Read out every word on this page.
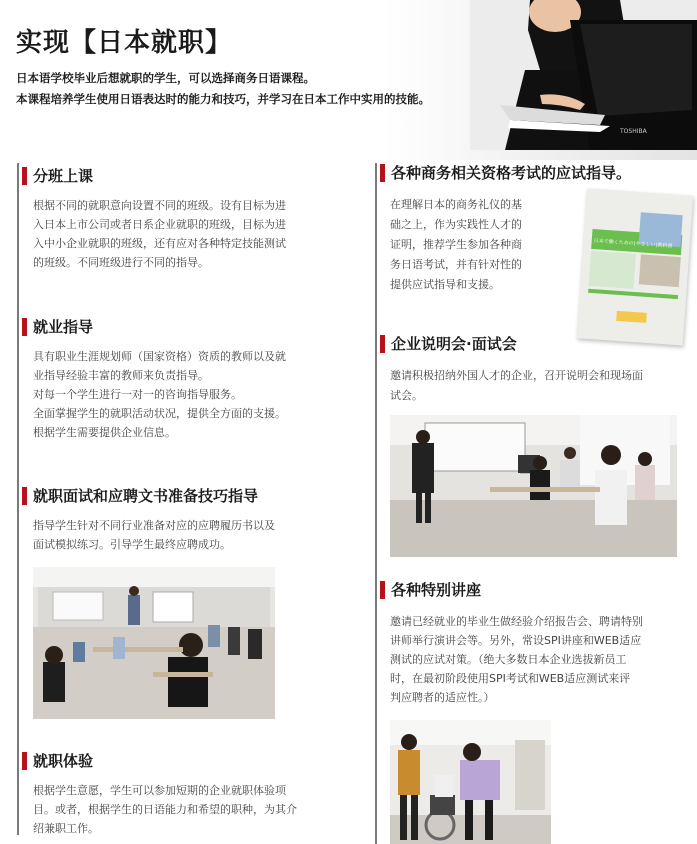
TOSHIBA
实现【日本就职】
日本语学校毕业后想就职的学生，可以选择商务日语课程。
本课程培养学生使用日语表达时的能力和技巧，并学习在日本工作中实用的技能。
分班上课
根据不同的就职意向设置不同的班级。设有目标为进
入日本上市公司或者日系企业就职的班级，目标为进
入中小企业就职的班级，还有应对各种特定技能测试
的班级。不同班级进行不同的指导。
就业指导
具有职业生涯规划师（国家资格）资质的教师以及就
业指导经验丰富的教师来负责指导。
对每一个学生进行一对一的咨询指导服务。
全面掌握学生的就职活动状况，提供全方面的支援。
根据学生需要提供企业信息。
就职面试和应聘文书准备技巧指导
指导学生针对不同行业准备对应的应聘履历书以及
面试模拟练习。引导学生最终应聘成功。
就职体验
根据学生意愿，学生可以参加短期的企业就职体验项
目。或者，根据学生的日语能力和希望的职种，为其介
绍兼职工作。
各种商务相关资格考试的应试指导。
在理解日本的商务礼仪的基
础之上，作为实践性人才的
证明，推荐学生参加各种商
务日语考试，并有针对性的
提供应试指导和支援。
日本で働くための(やさしい)教科書
企业说明会·面试会
邀请积极招纳外国人才的企业，召开说明会和现场面
试会。
各种特别讲座
邀请已经就业的毕业生做经验介绍报告会、聘请特别
讲师举行演讲会等。另外，常设SPI讲座和WEB适应
测试的应试对策。（绝大多数日本企业选拔新员工
时，在最初阶段使用SPI考试和WEB适应测试来评
判应聘者的适应性。）
